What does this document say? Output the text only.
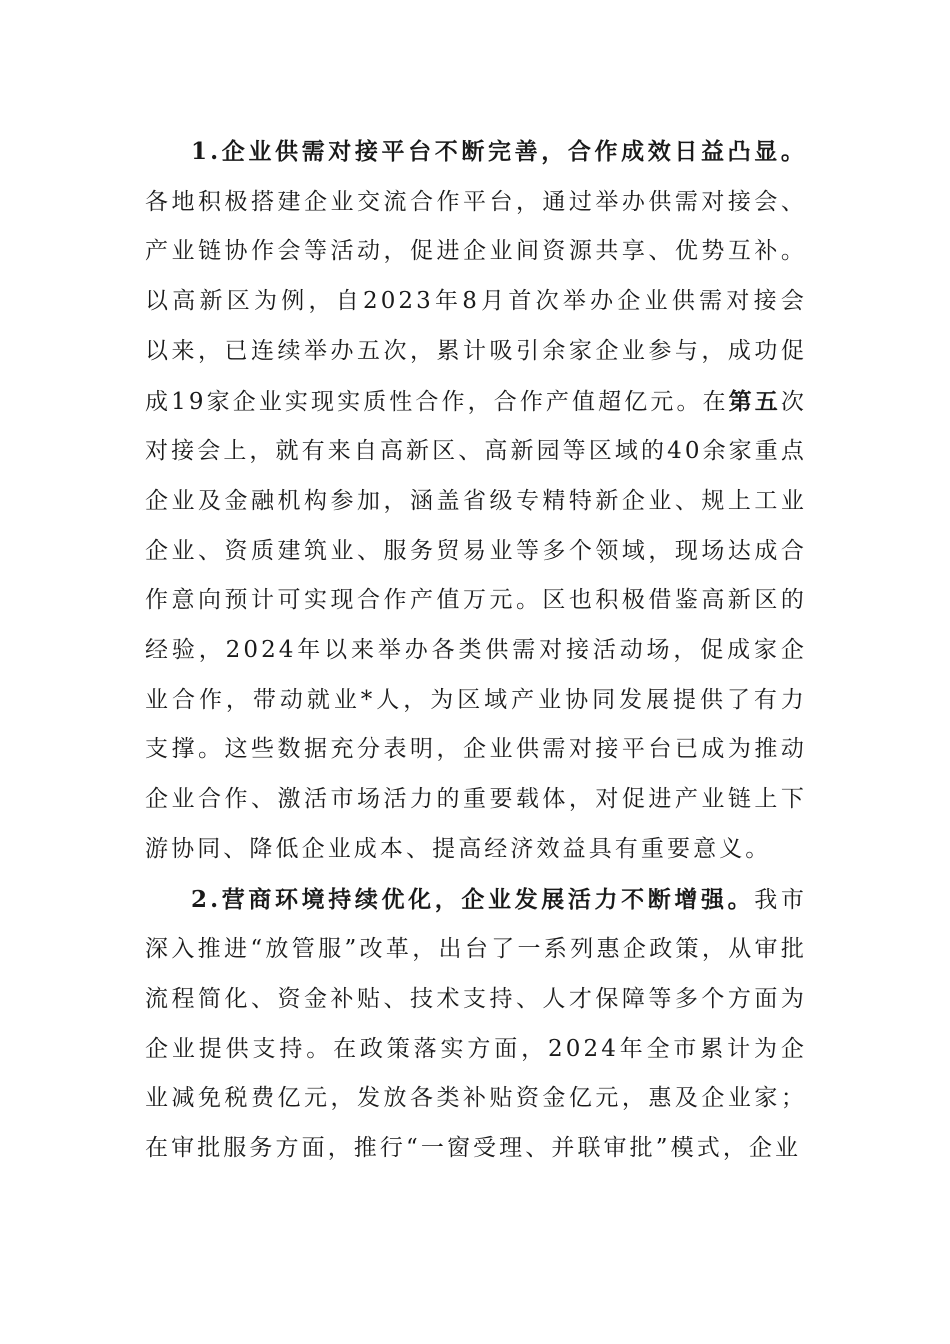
1.企业供需对接平台不断完善，合作成效日益凸显。各地积极搭建企业交流合作平台，通过举办供需对接会、产业链协作会等活动，促进企业间资源共享、优势互补。以高新区为例，自2023年8月首次举办企业供需对接会以来，已连续举办五次，累计吸引余家企业参与，成功促成19家企业实现实质性合作，合作产值超亿元。在第五次对接会上，就有来自高新区、高新园等区域的40余家重点企业及金融机构参加，涵盖省级专精特新企业、规上工业企业、资质建筑业、服务贸易业等多个领域，现场达成合作意向预计可实现合作产值万元。区也积极借鉴高新区的经验，2024年以来举办各类供需对接活动场，促成家企业合作，带动就业*人，为区域产业协同发展提供了有力支撑。这些数据充分表明，企业供需对接平台已成为推动企业合作、激活市场活力的重要载体，对促进产业链上下游协同、降低企业成本、提高经济效益具有重要意义。

2.营商环境持续优化，企业发展活力不断增强。我市深入推进“放管服”改革，出台了一系列惠企政策，从审批流程简化、资金补贴、技术支持、人才保障等多个方面为企业提供支持。在政策落实方面，2024年全市累计为企业减免税费亿元，发放各类补贴资金亿元，惠及企业家；在审批服务方面，推行“一窗受理、并联审批”模式，企业
